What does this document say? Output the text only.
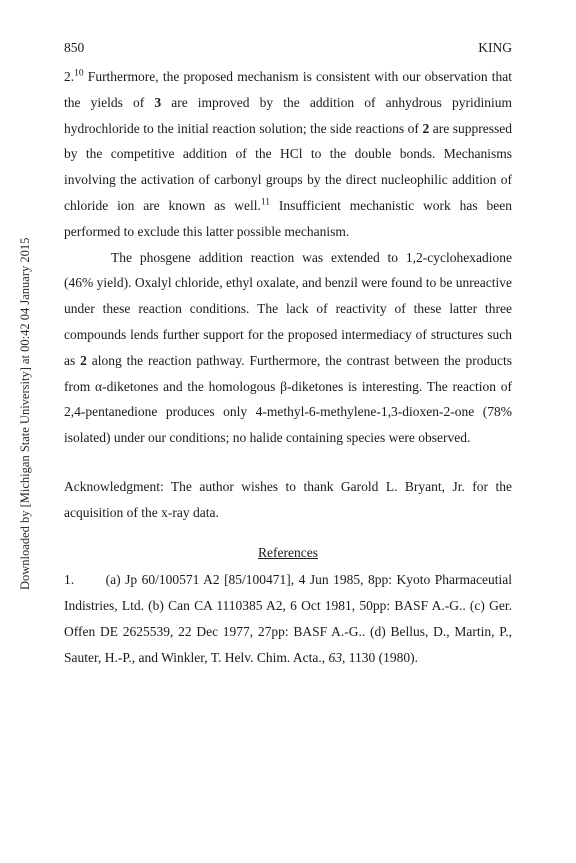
850	KING
Downloaded by [Michigan State University] at 00:42 04 January 2015

2.10 Furthermore, the proposed mechanism is consistent with our observation that the yields of 3 are improved by the addition of anhydrous pyridinium hydrochloride to the initial reaction solution; the side reactions of 2 are suppressed by the competitive addition of the HCl to the double bonds. Mechanisms involving the activation of carbonyl groups by the direct nucleophilic addition of chloride ion are known as well.$^{11}$ Insufficient mechanistic work has been performed to exclude this latter possible mechanism.

The phosgene addition reaction was extended to 1,2-cyclohexadione (46% yield). Oxalyl chloride, ethyl oxalate, and benzil were found to be unreactive under these reaction conditions. The lack of reactivity of these latter three compounds lends further support for the proposed intermediacy of structures such as 2 along the reaction pathway. Furthermore, the contrast between the products from α-diketones and the homologous β-diketones is interesting. The reaction of 2,4-pentanedione produces only 4-methyl-6-methylene-1,3-dioxen-2-one (78% isolated) under our conditions; no halide containing species were observed.

Acknowledgment: The author wishes to thank Garold L. Bryant, Jr. for the acquisition of the x-ray data.

References

1. (a) Jp 60/100571 A2 [85/100471], 4 Jun 1985, 8pp: Kyoto Pharmaceutial Indistries, Ltd. (b) Can CA 1110385 A2, 6 Oct 1981, 50pp: BASF A.-G.. (c) Ger. Offen DE 2625539, 22 Dec 1977, 27pp: BASF A.-G.. (d) Bellus, D., Martin, P., Sauter, H.-P., and Winkler, T. Helv. Chim. Acta., 63, 1130 (1980).
